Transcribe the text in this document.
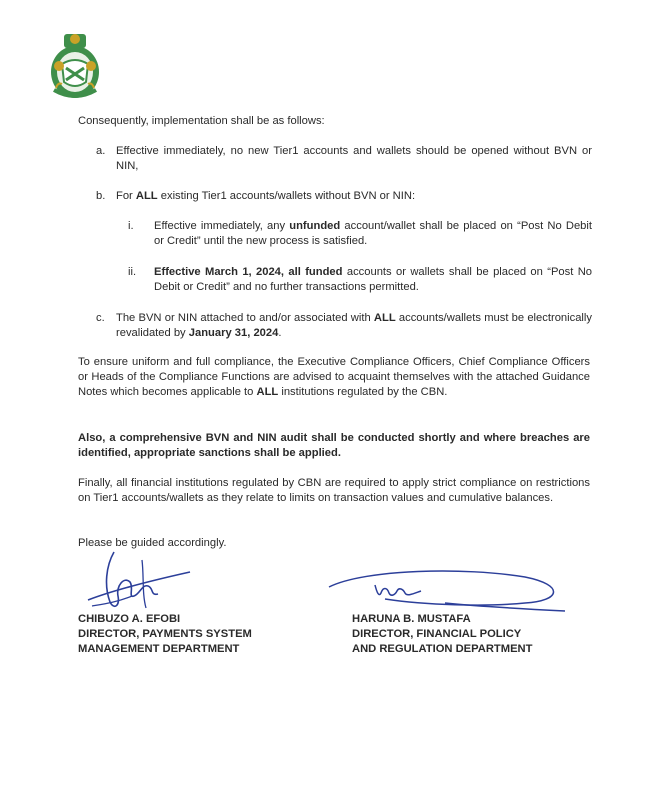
Consequently, implementation shall be as follows:
a. Effective immediately, no new Tier1 accounts and wallets should be opened without BVN or NIN,
b. For ALL existing Tier1 accounts/wallets without BVN or NIN:
i.	Effective immediately, any unfunded account/wallet shall be placed on “Post No Debit or Credit” until the new process is satisfied.
ii.	Effective March 1, 2024, all funded accounts or wallets shall be placed on “Post No Debit or Credit” and no further transactions permitted.
c.	The BVN or NIN attached to and/or associated with ALL accounts/wallets must be electronically revalidated by January 31, 2024.
To ensure uniform and full compliance, the Executive Compliance Officers, Chief Compliance Officers or Heads of the Compliance Functions are advised to acquaint themselves with the attached Guidance Notes which becomes applicable to ALL institutions regulated by the CBN.
Also, a comprehensive BVN and NIN audit shall be conducted shortly and where breaches are identified, appropriate sanctions shall be applied.
Finally, all financial institutions regulated by CBN are required to apply strict compliance on restrictions on Tier1 accounts/wallets as they relate to limits on transaction values and cumulative balances.
Please be guided accordingly.
CHIBUZO A. EFOBI
DIRECTOR, PAYMENTS SYSTEM
MANAGEMENT DEPARTMENT
HARUNA B. MUSTAFA
DIRECTOR, FINANCIAL POLICY
AND REGULATION DEPARTMENT
